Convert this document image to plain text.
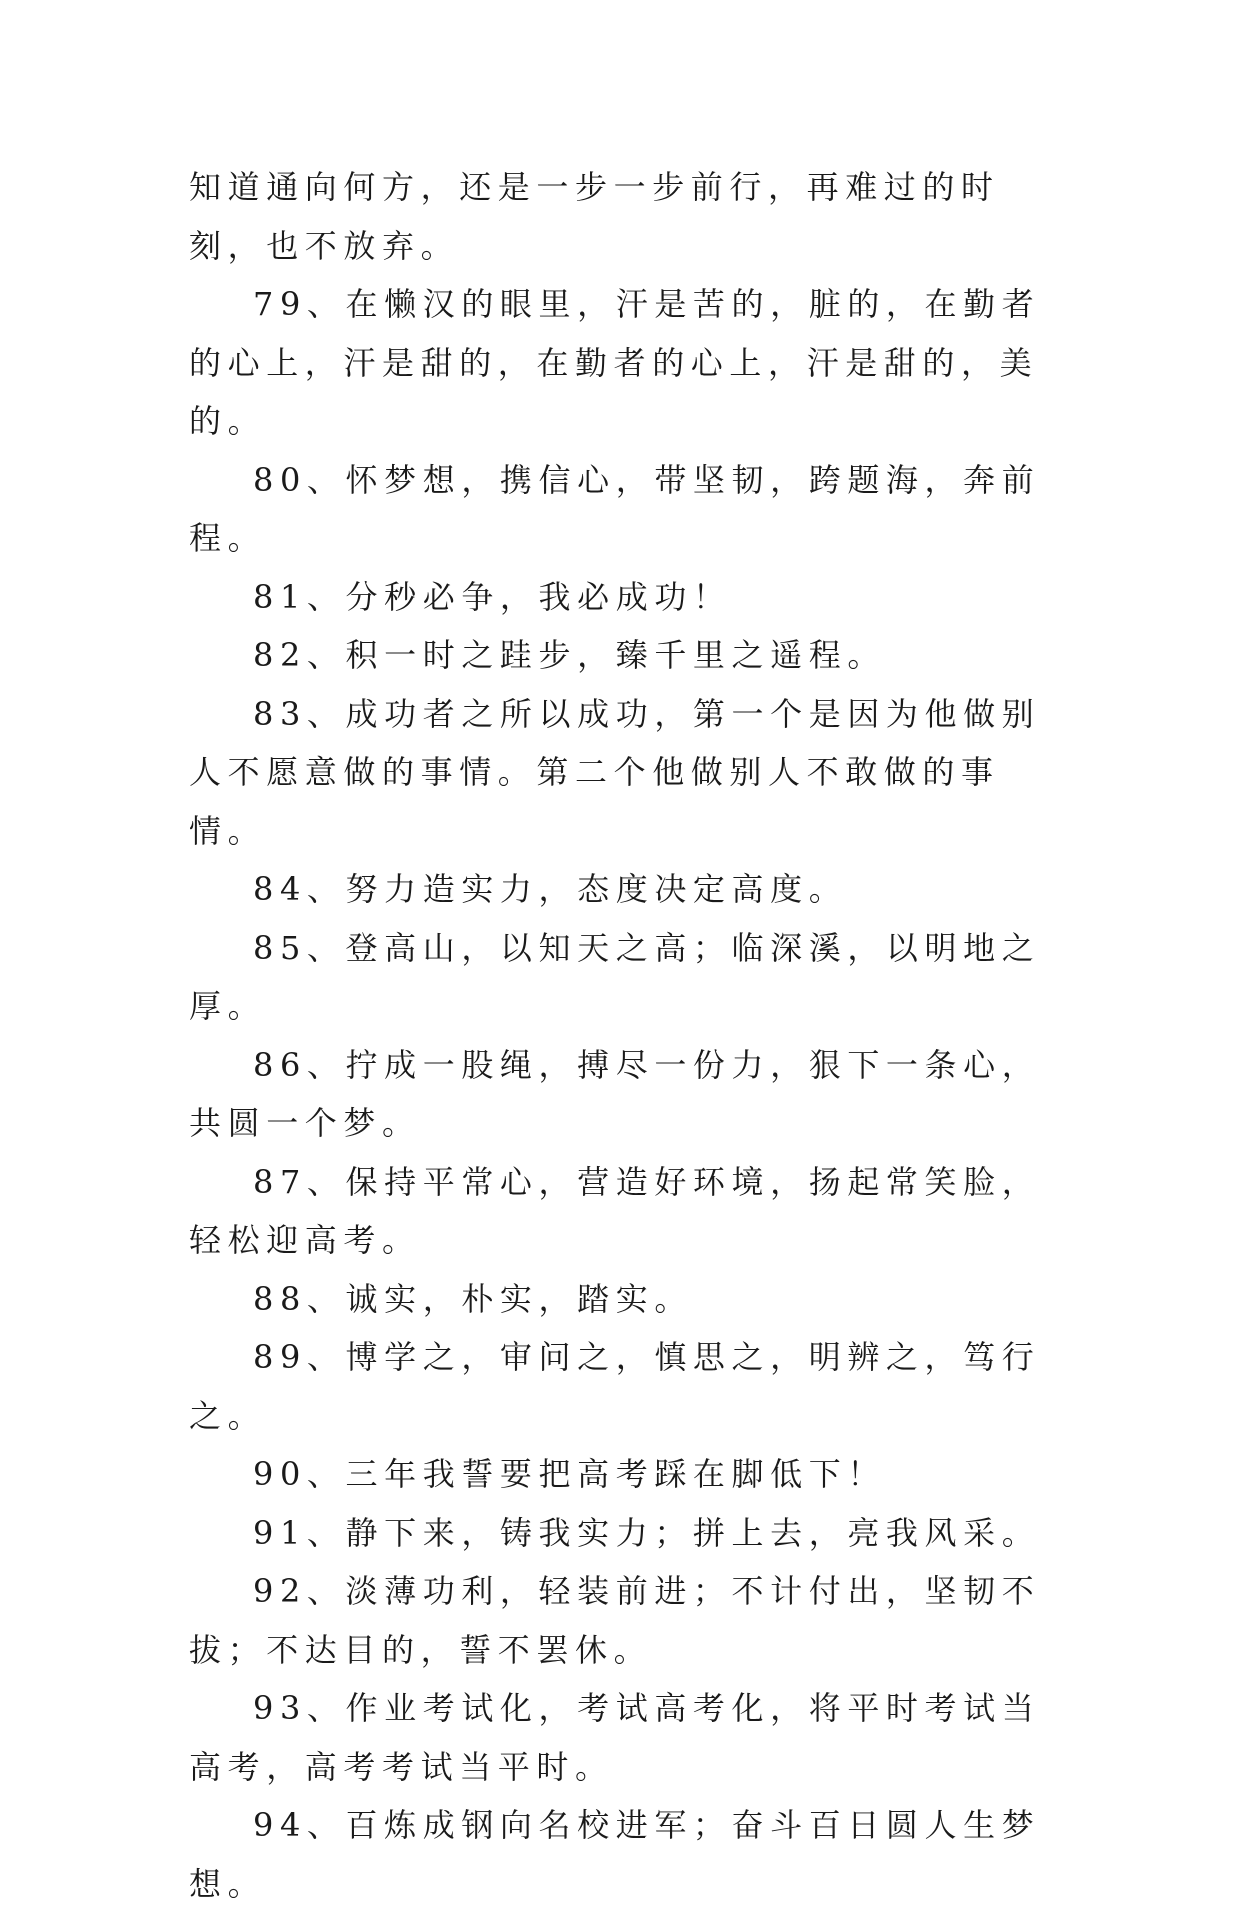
知道通向何方，还是一步一步前行，再难过的时刻，也不放弃。

79、在懒汉的眼里，汗是苦的，脏的，在勤者的心上，汗是甜的，在勤者的心上，汗是甜的，美的。

80、怀梦想，携信心，带坚韧，跨题海，奔前程。

81、分秒必争，我必成功！

82、积一时之跬步，臻千里之遥程。

83、成功者之所以成功，第一个是因为他做别人不愿意做的事情。第二个他做别人不敢做的事情。

84、努力造实力，态度决定高度。

85、登高山，以知天之高；临深溪，以明地之厚。

86、拧成一股绳，搏尽一份力，狠下一条心，共圆一个梦。

87、保持平常心，营造好环境，扬起常笑脸，轻松迎高考。

88、诚实，朴实，踏实。

89、博学之，审问之，慎思之，明辨之，笃行之。

90、三年我誓要把高考踩在脚低下！

91、静下来，铸我实力；拼上去，亮我风采。

92、淡薄功利，轻装前进；不计付出，坚韧不拔；不达目的，誓不罢休。

93、作业考试化，考试高考化，将平时考试当高考，高考考试当平时。

94、百炼成钢向名校进军；奋斗百日圆人生梦想。
